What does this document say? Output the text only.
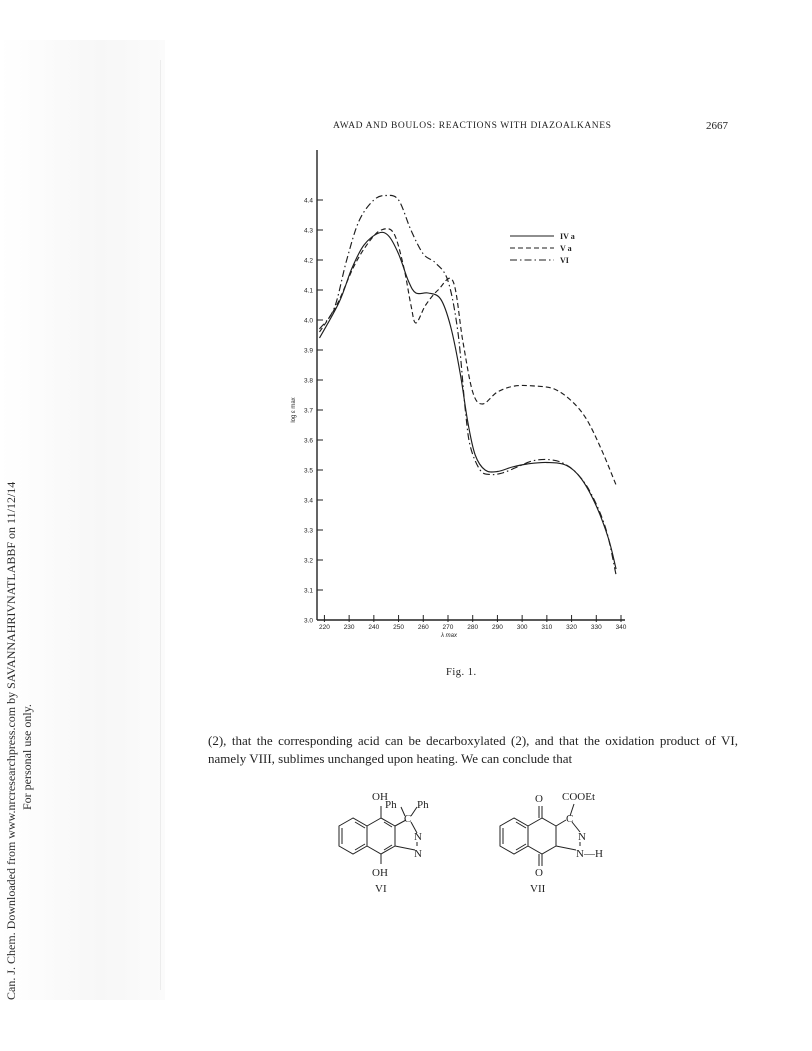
Can. J. Chem. Downloaded from www.nrcresearchpress.com by SAVANNAHRIVNATLABBF on 11/12/14 For personal use only.
AWAD AND BOULOS: REACTIONS WITH DIAZOALKANES	2667
3.0
3.1
3.2
3.3
3.4
3.5
3.6
3.7
3.8
3.9
4.0
4.1
4.2
4.3
4.4
220 230 240 250 260 270 280 290 300 310 320 330 340
λ max
log ε max
IV a
V a
VI
Fig. 1.
(2), that the corresponding acid can be decarboxylated (2), and that the oxidation product of VI, namely VIII, sublimes unchanged upon heating. We can conclude that
OH
Ph Ph
C
N
N
OH
VI
O COOEt
C
N
N—H
O
VII
